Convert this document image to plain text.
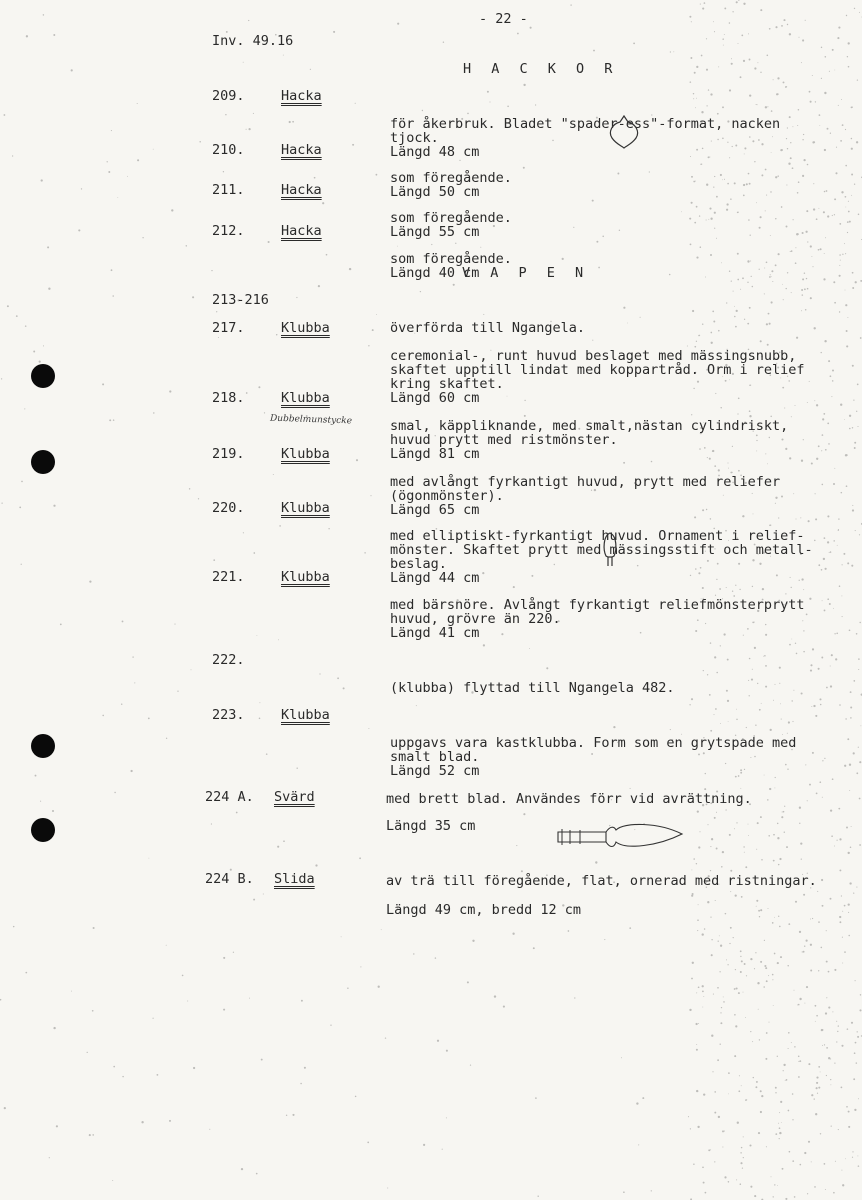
- 22 -
Inv. 49.16
H A C K O R
209.	Hacka

för åkerbruk. Bladet "spader-ess"-format, nacken
tjock.
Längd 48 cm

210.	Hacka

som föregående.
Längd 50 cm

211.	Hacka

som föregående.
Längd 55 cm

212.	Hacka

som föregående.
Längd 40 cm

V A P E N
213-216

överförda till Ngangela.

217.	Klubba

ceremonial-, runt huvud beslaget med mässingsnubb,
skaftet upptill lindat med koppartråd. Orm i relief
kring skaftet.
Längd 60 cm

218.	Klubba

smal, käppliknande, med smalt,nästan cylindriskt,
huvud prytt med ristmönster.
Längd 81 cm

Dubbelmunstycke
219.	Klubba

med avlångt fyrkantigt huvud, prytt med reliefer
(ögonmönster).
Längd 65 cm

220.	Klubba

med elliptiskt-fyrkantigt huvud. Ornament i relief-
mönster. Skaftet prytt med mässingsstift och metall-
beslag.
Längd 44 cm

221.	Klubba

med bärsnöre. Avlångt fyrkantigt reliefmönsterprytt
huvud, grövre än 220.
Längd 41 cm

222.

(klubba) flyttad till Ngangela 482.

223.	Klubba

uppgavs vara kastklubba. Form som en grytspade med
smalt blad.
Längd 52 cm

224 A. Svärd	med brett blad. Användes förr vid avrättning.
Längd 35 cm
224 B. Slida	av trä till föregående, flat, ornerad med ristningar.
Längd 49 cm, bredd 12 cm
